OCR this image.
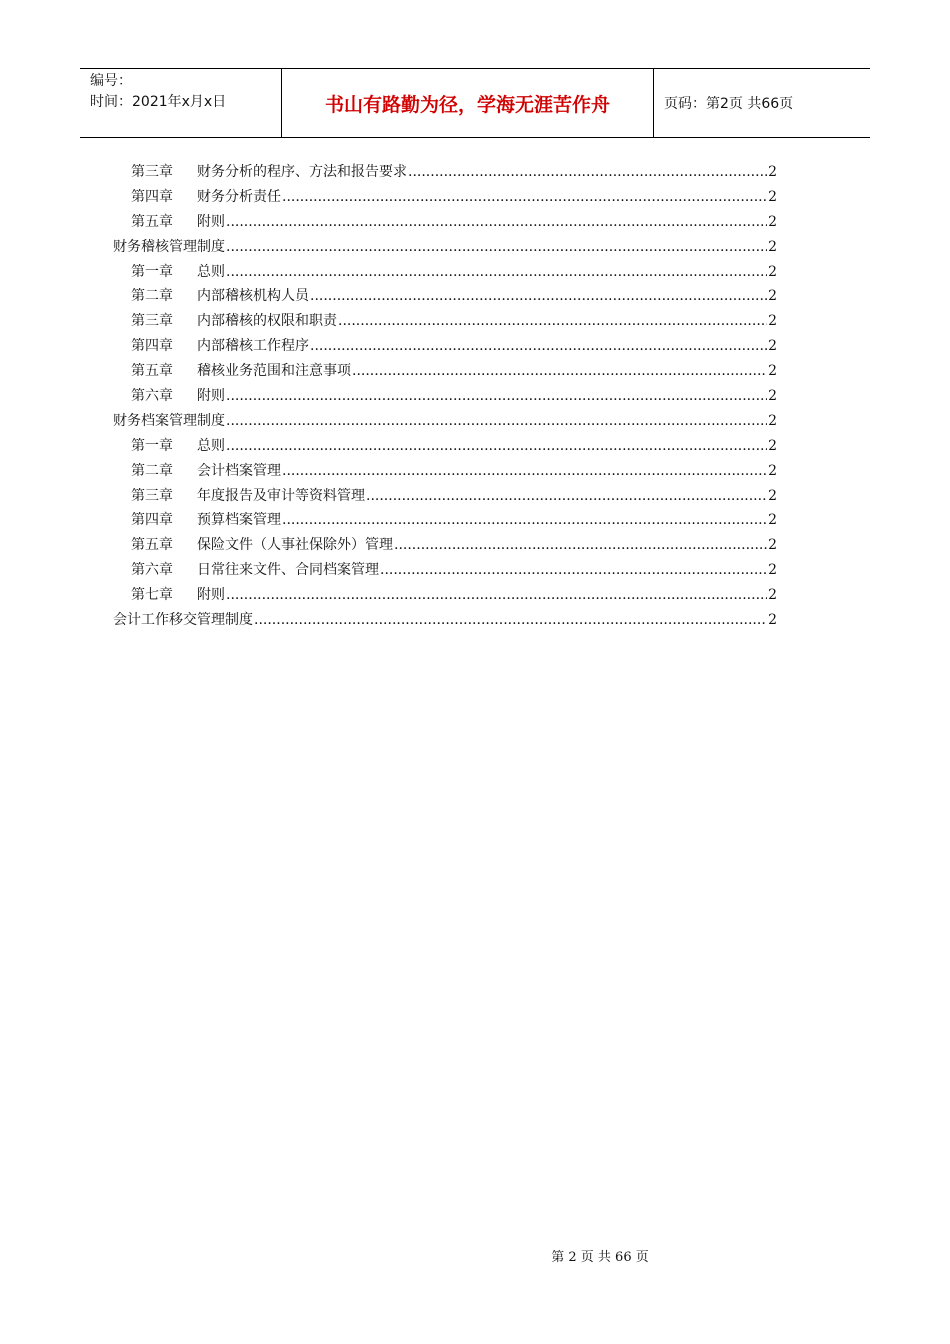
编号：
时间：2021年x月x日	书山有路勤为径，学海无涯苦作舟	页码：第2页 共66页
第三章	财务分析的程序、方法和报告要求 .....	2
第四章	财务分析责任 .....	2
第五章	附则 .....	2
财务稽核管理制度 .....	2
第一章	总则 .....	2
第二章	内部稽核机构人员 .....	2
第三章	内部稽核的权限和职责 .....	2
第四章	内部稽核工作程序 .....	2
第五章	稽核业务范围和注意事项 .....	2
第六章	附则 .....	2
财务档案管理制度 .....	2
第一章	总则 .....	2
第二章	会计档案管理 .....	2
第三章	年度报告及审计等资料管理 .....	2
第四章	预算档案管理 .....	2
第五章	保险文件（人事社保除外）管理 .....	2
第六章	日常往来文件、合同档案管理 .....	2
第七章	附则 .....	2
会计工作移交管理制度 .....	2
第 2 页 共 66 页
